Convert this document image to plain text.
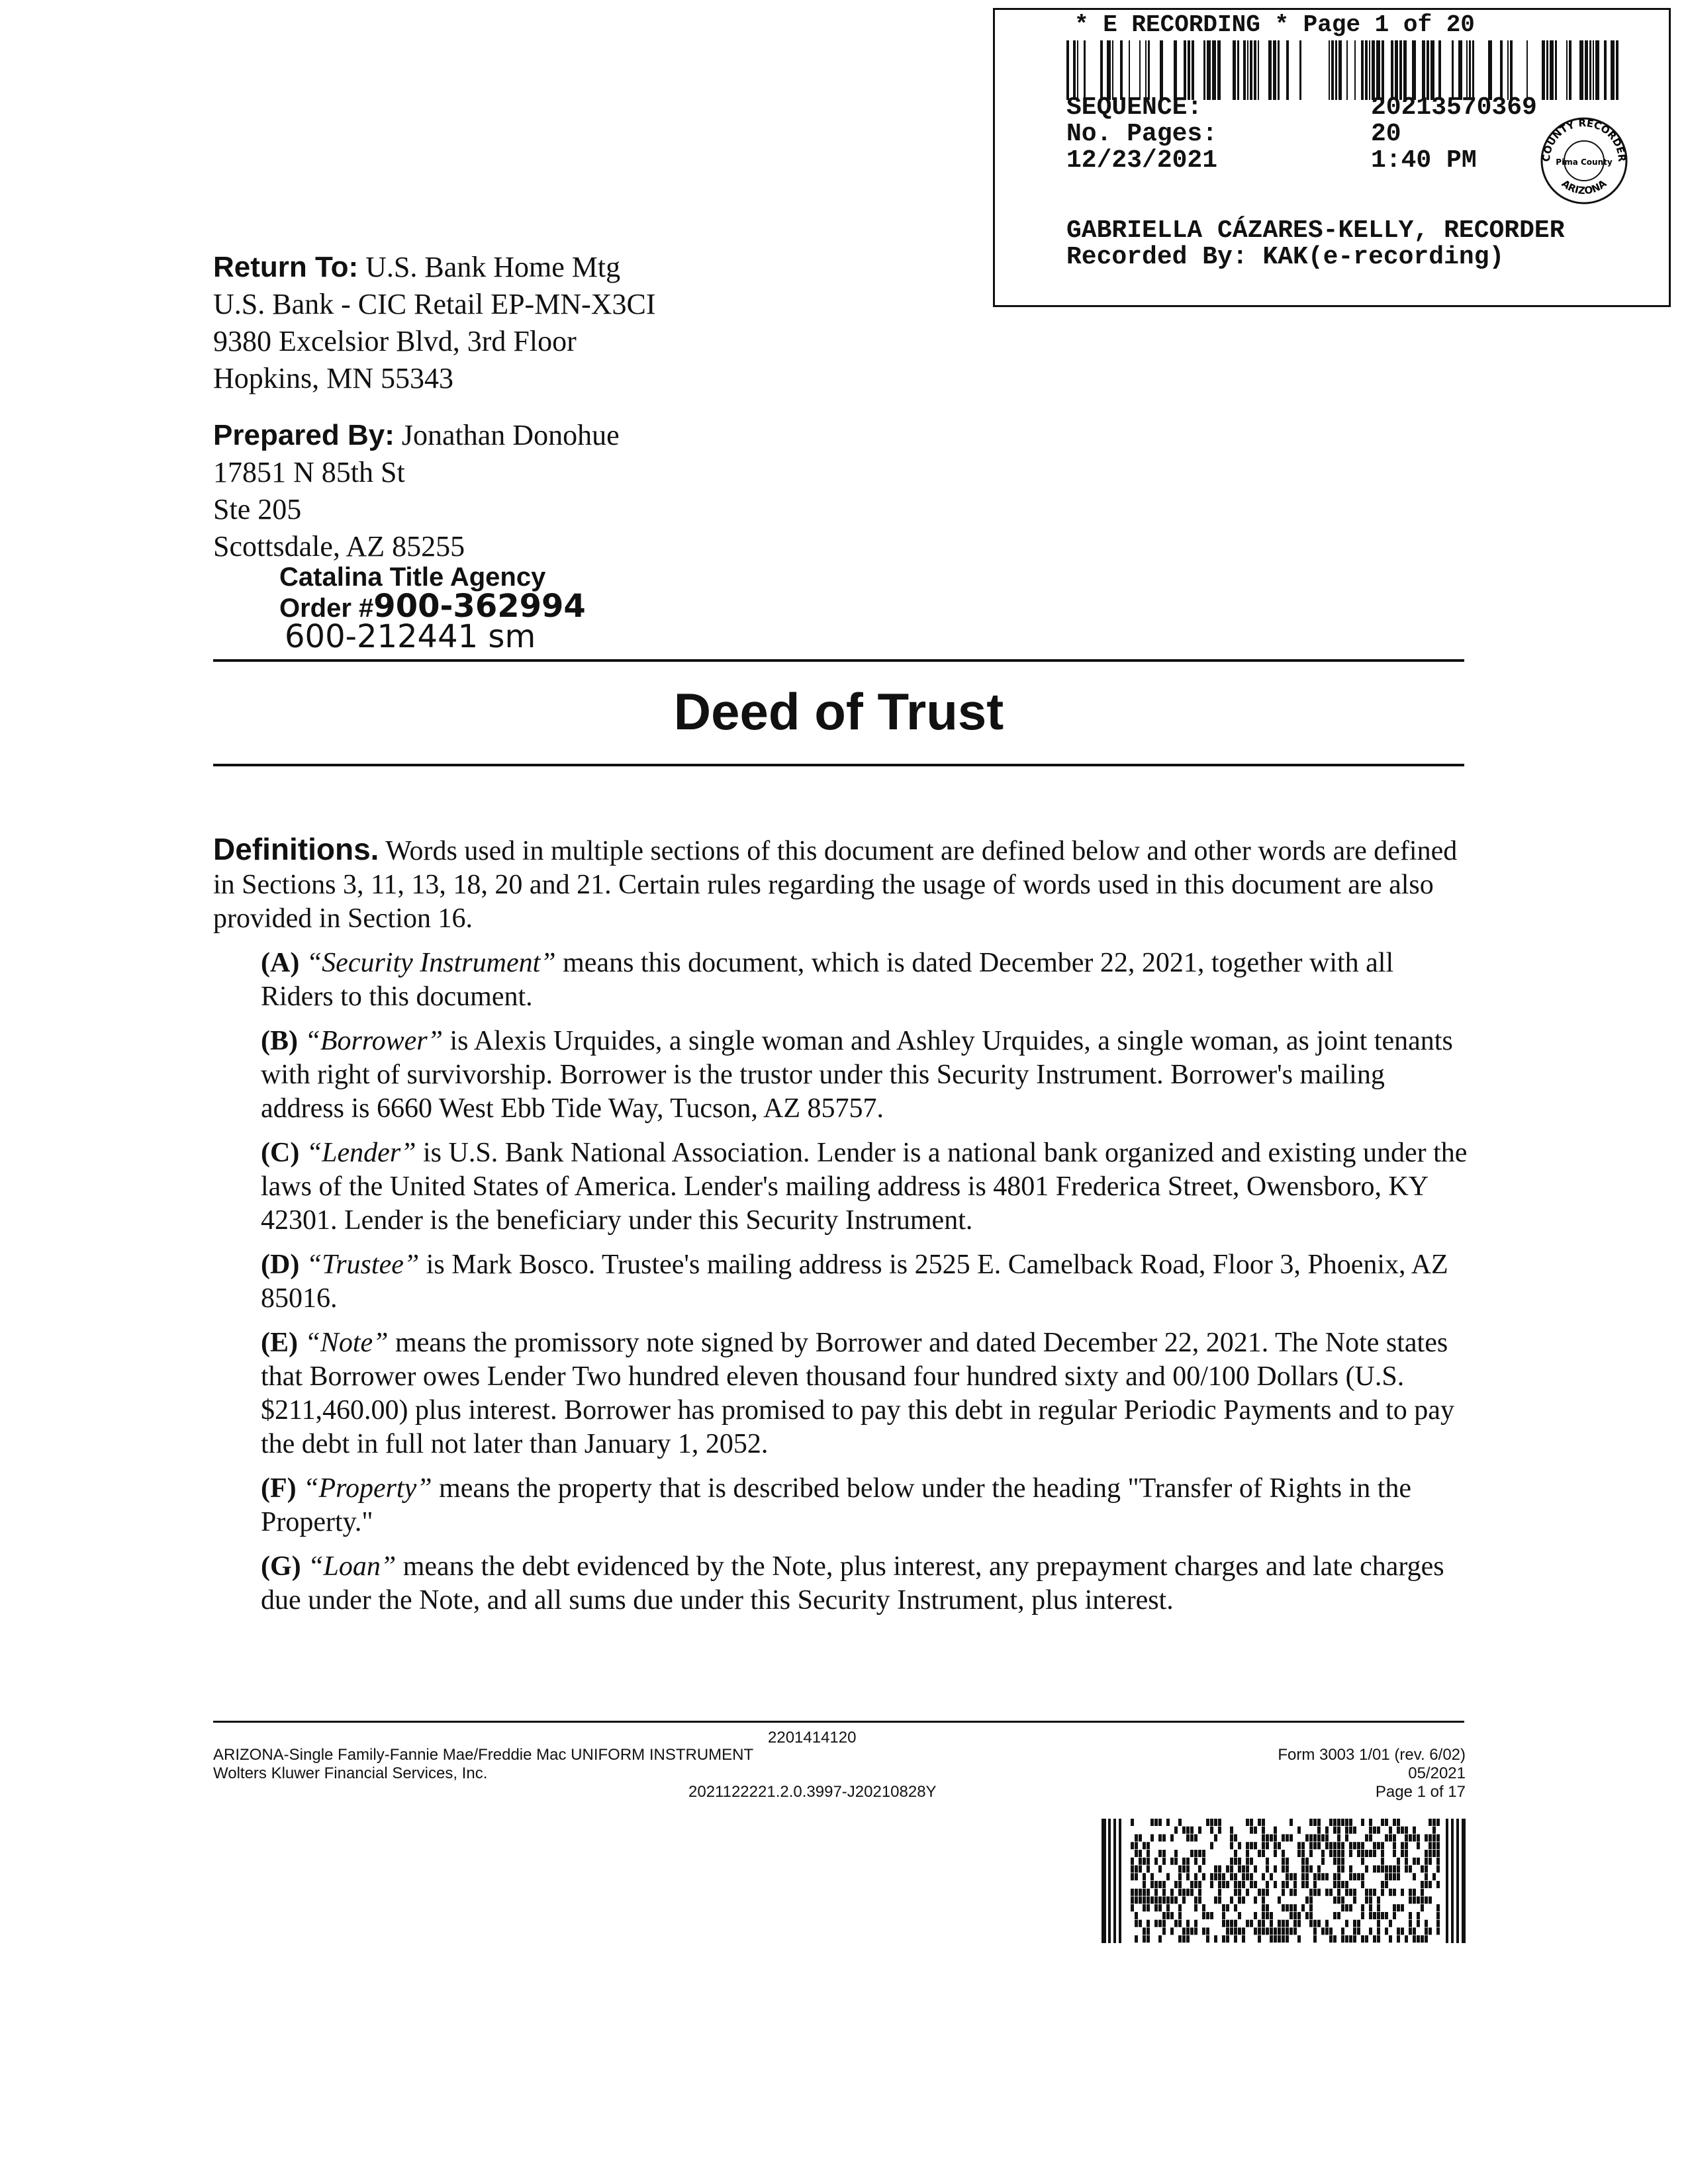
* E RECORDING * Page 1 of 20
SEQUENCE:	20213570369
No. Pages:	20
12/23/2021	1:40 PM	COUNTY RECORDER
Pima County
ARIZONA
GABRIELLA CÁZARES-KELLY, RECORDER
Recorded By: KAK(e-recording)
Return To: U.S. Bank Home Mtg
U.S. Bank - CIC Retail EP-MN-X3CI
9380 Excelsior Blvd, 3rd Floor
Hopkins, MN 55343
Prepared By: Jonathan Donohue
17851 N 85th St
Ste 205
Scottsdale, AZ 85255
Catalina Title Agency
Order #900-362994
600-212441 sm
Deed of Trust

Definitions. Words used in multiple sections of this document are defined below and other words are defined in Sections 3, 11, 13, 18, 20 and 21. Certain rules regarding the usage of words used in this document are also provided in Section 16.

(A) “Security Instrument” means this document, which is dated December 22, 2021, together with all Riders to this document.

(B) “Borrower” is Alexis Urquides, a single woman and Ashley Urquides, a single woman, as joint tenants with right of survivorship. Borrower is the trustor under this Security Instrument. Borrower's mailing address is 6660 West Ebb Tide Way, Tucson, AZ 85757.

(C) “Lender” is U.S. Bank National Association. Lender is a national bank organized and existing under the laws of the United States of America. Lender's mailing address is 4801 Frederica Street, Owensboro, KY 42301. Lender is the beneficiary under this Security Instrument.

(D) “Trustee” is Mark Bosco. Trustee's mailing address is 2525 E. Camelback Road, Floor 3, Phoenix, AZ 85016.

(E) “Note” means the promissory note signed by Borrower and dated December 22, 2021. The Note states that Borrower owes Lender Two hundred eleven thousand four hundred sixty and 00/100 Dollars (U.S. $211,460.00) plus interest. Borrower has promised to pay this debt in regular Periodic Payments and to pay the debt in full not later than January 1, 2052.

(F) “Property” means the property that is described below under the heading "Transfer of Rights in the Property."

(G) “Loan” means the debt evidenced by the Note, plus interest, any prepayment charges and late charges due under the Note, and all sums due under this Security Instrument, plus interest.

2201414120
ARIZONA-Single Family-Fannie Mae/Freddie Mac UNIFORM INSTRUMENT
Wolters Kluwer Financial Services, Inc.
2021122221.2.0.3997-J20210828Y
Form 3003 1/01 (rev. 6/02)
05/2021
Page 1 of 17
